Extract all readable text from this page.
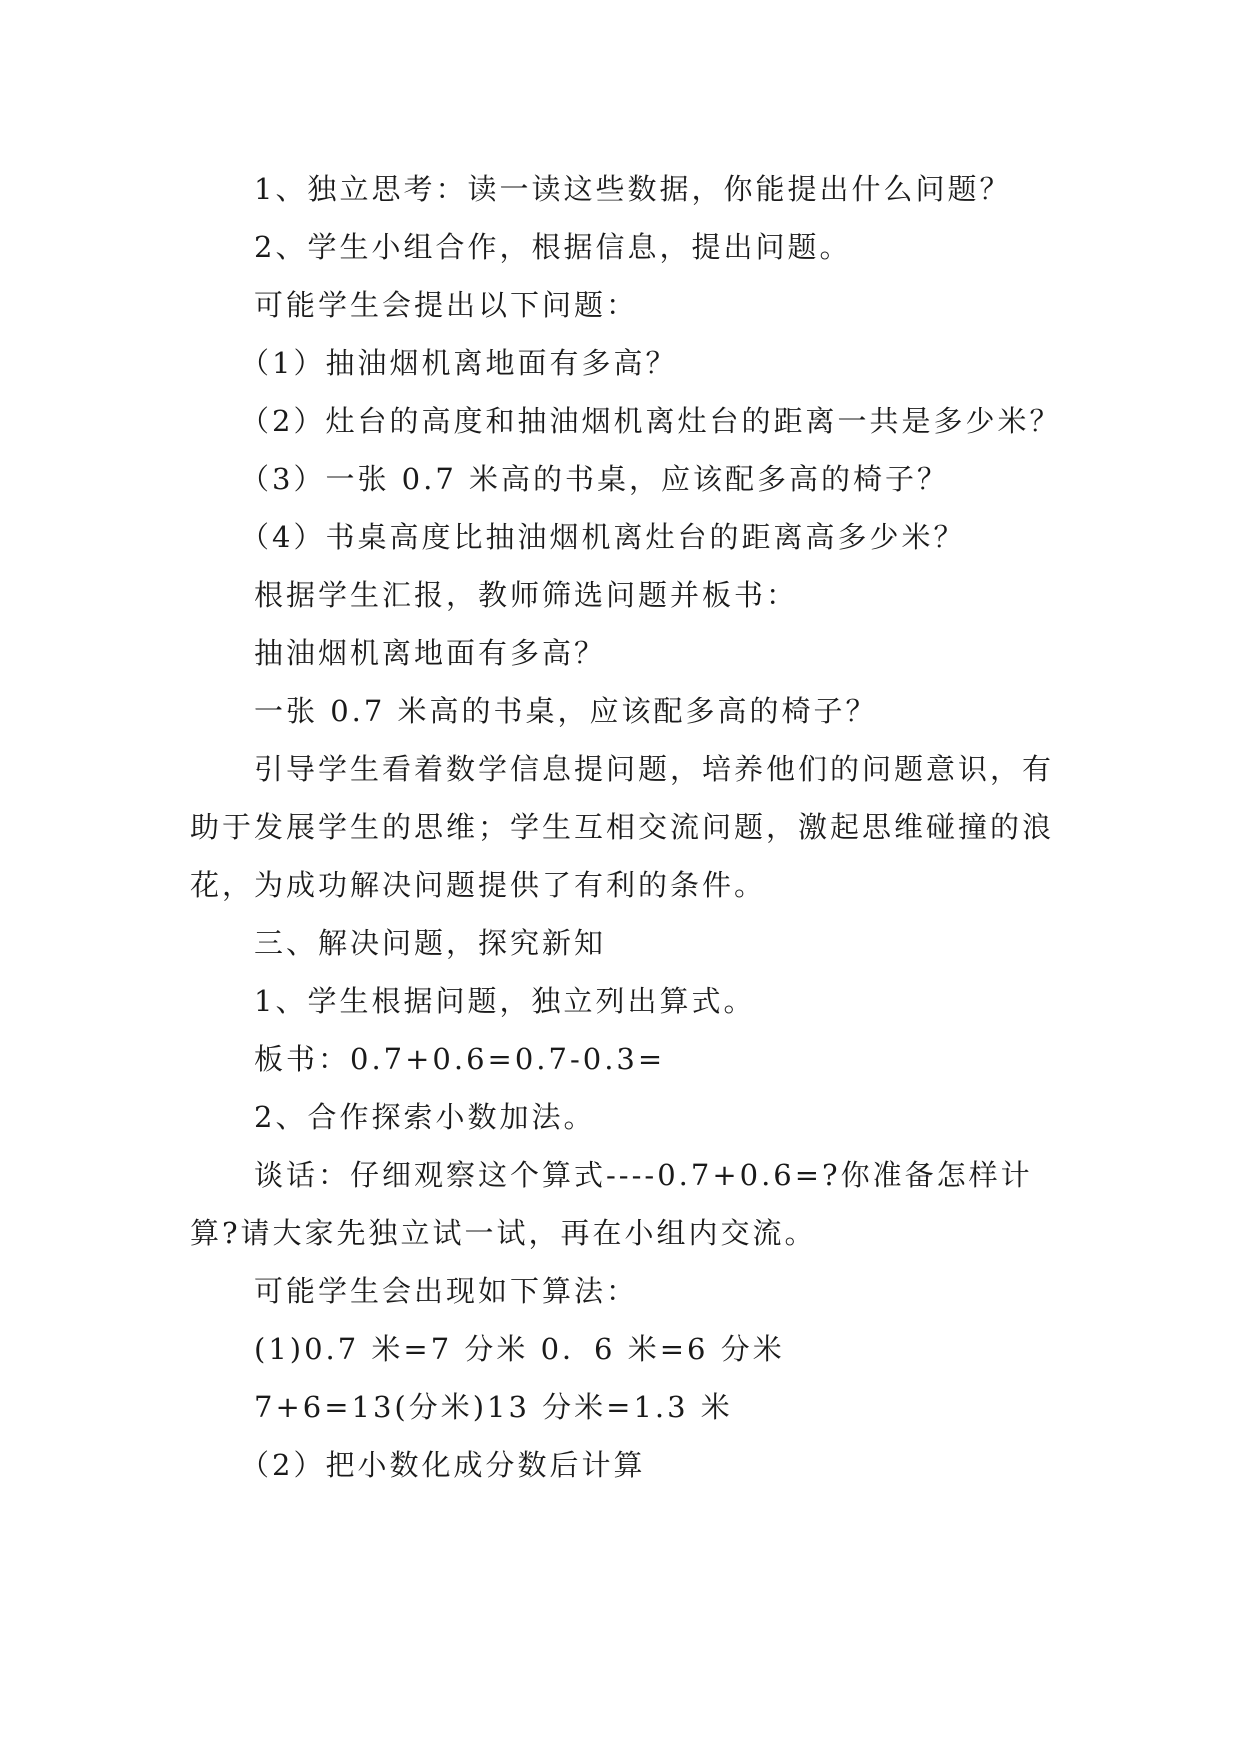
1、独立思考：读一读这些数据，你能提出什么问题？

2、学生小组合作，根据信息，提出问题。

可能学生会提出以下问题：

（1）抽油烟机离地面有多高？

（2）灶台的高度和抽油烟机离灶台的距离一共是多少米？

（3）一张 0.7 米高的书桌，应该配多高的椅子？

（4）书桌高度比抽油烟机离灶台的距离高多少米？

根据学生汇报，教师筛选问题并板书：

抽油烟机离地面有多高？

一张 0.7 米高的书桌，应该配多高的椅子？

引导学生看着数学信息提问题，培养他们的问题意识，有助于发展学生的思维；学生互相交流问题，激起思维碰撞的浪花，为成功解决问题提供了有利的条件。

三、解决问题，探究新知

1、学生根据问题，独立列出算式。

板书：0.7+0.6=0.7-0.3=

2、合作探索小数加法。

谈话：仔细观察这个算式----0.7+0.6=?你准备怎样计算?请大家先独立试一试，再在小组内交流。

可能学生会出现如下算法：

(1)0.7 米=7 分米 0．6 米=6 分米

7+6=13(分米)13 分米=1.3 米

（2）把小数化成分数后计算
